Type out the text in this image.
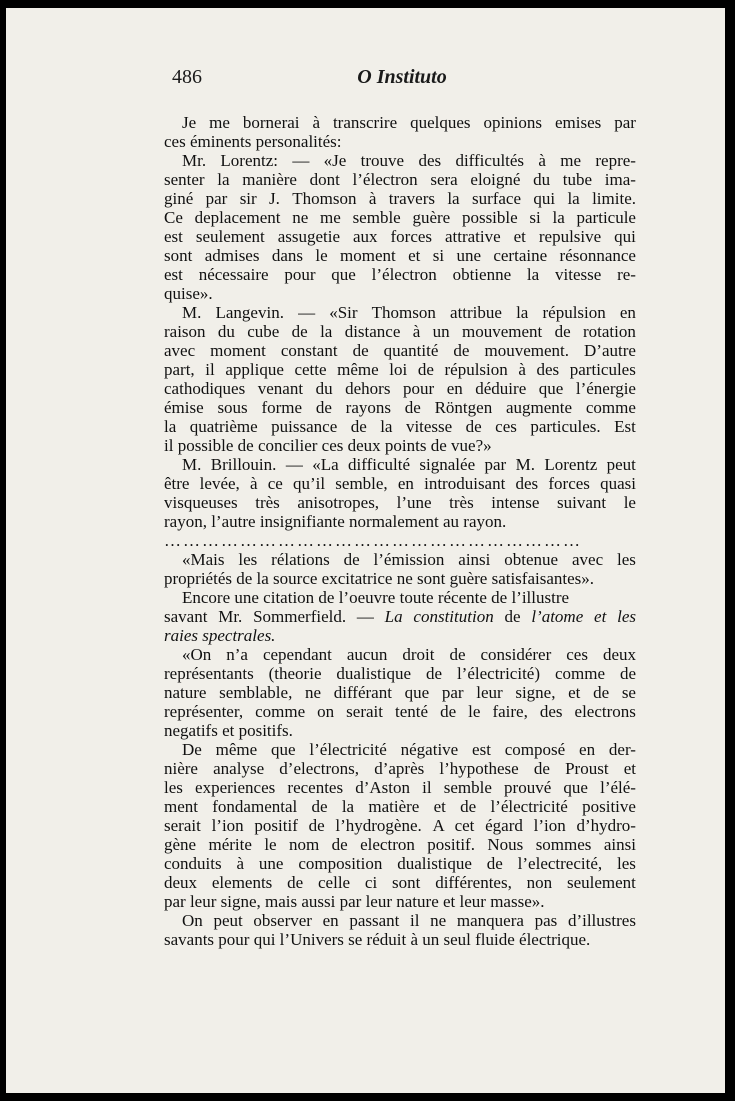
486	O Instituto
Je me bornerai à transcrire quelques opinions emises par
ces éminents personalités:
Mr. Lorentz: — «Je trouve des difficultés à me repre-
senter la manière dont l’électron sera eloigné du tube ima-
giné par sir J. Thomson à travers la surface qui la limite.
Ce deplacement ne me semble guère possible si la particule
est seulement assugetie aux forces attrative et repulsive qui
sont admises dans le moment et si une certaine résonnance
est nécessaire pour que l’électron obtienne la vitesse re-
quise».
M. Langevin. — «Sir Thomson attribue la répulsion en
raison du cube de la distance à un mouvement de rotation
avec moment constant de quantité de mouvement. D’autre
part, il applique cette même loi de répulsion à des particules
cathodiques venant du dehors pour en déduire que l’énergie
émise sous forme de rayons de Röntgen augmente comme
la quatrième puissance de la vitesse de ces particules. Est
il possible de concilier ces deux points de vue?»
M. Brillouin. — «La difficulté signalée par M. Lorentz peut
être levée, à ce qu’il semble, en introduisant des forces quasi
visqueuses très anisotropes, l’une très intense suivant le
rayon, l’autre insignifiante normalement au rayon.
…………………………………………………………
«Mais les rélations de l’émission ainsi obtenue avec les
propriétés de la source excitatrice ne sont guère satisfaisantes».
Encore une citation de l’oeuvre toute récente de l’illustre
savant Mr. Sommerfield. — La constitution de l’atome et les
raies spectrales.
«On n’a cependant aucun droit de considérer ces deux
représentants (theorie dualistique de l’électricité) comme de
nature semblable, ne différant que par leur signe, et de se
représenter, comme on serait tenté de le faire, des electrons
negatifs et positifs.
De même que l’électricité négative est composé en der-
nière analyse d’electrons, d’après l’hypothese de Proust et
les experiences recentes d’Aston il semble prouvé que l’élé-
ment fondamental de la matière et de l’électricité positive
serait l’ion positif de l’hydrogène. A cet égard l’ion d’hydro-
gène mérite le nom de electron positif. Nous sommes ainsi
conduits à une composition dualistique de l’electrecité, les
deux elements de celle ci sont différentes, non seulement
par leur signe, mais aussi par leur nature et leur masse».
On peut observer en passant il ne manquera pas d’illustres
savants pour qui l’Univers se réduit à un seul fluide électrique.
